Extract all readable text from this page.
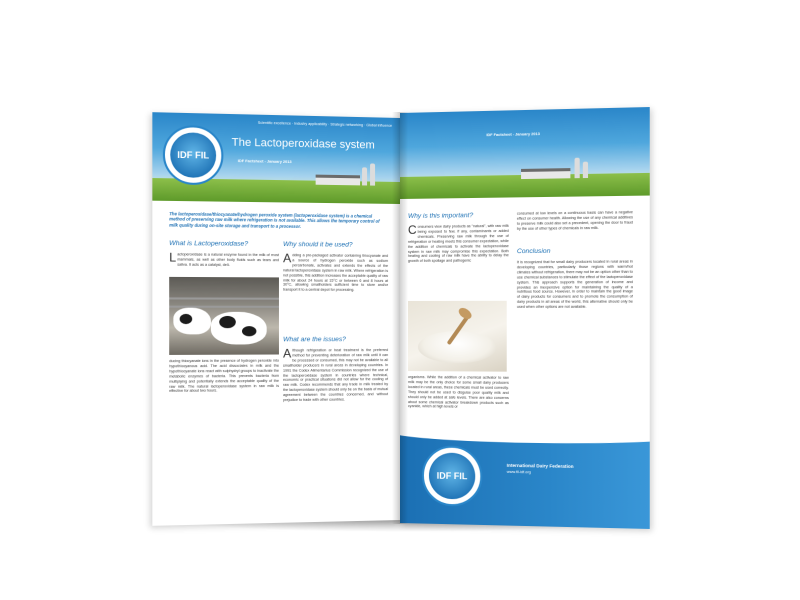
Scientific excellence · Industry applicability · Strategic networking · Global influence
The Lactoperoxidase system
IDF Factsheet - January 2013
IDF FIL
The lactoperoxidase/thiocyanate/hydrogen peroxide system (lactoperoxidase system) is a chemical method of preserving raw milk where refrigeration is not available. This allows the temporary control of milk quality during on-site storage and transport to a processor.
What is Lactoperoxidase?
Lactoperoxidase is a natural enzyme found in the milk of most mammals, as well as other body fluids such as tears and saliva. It acts as a catalyst, deli-
ducing thiocyanate ions in the presence of hydrogen peroxide into hypothiocyanous acid. The acid dissociates in milk and the hypothiocyanate ions react with sulphydryl groups to inactivate the metabolic enzymes of bacteria. This prevents bacteria from multiplying and potentially extends the acceptable quality of the raw milk. The natural lactoperoxidase system in raw milk is effective for about two hours.
Why should it be used?
Adding a pre-packaged activator containing thiocyanate and a source of hydrogen peroxide such as sodium percarbonate, activates and extends the effects of the natural lactoperoxidase system in raw milk. Where refrigeration is not possible, this addition increases the acceptable quality of raw milk for about 24 hours at 15°C or between 6 and 8 hours at 30°C, allowing smallholders sufficient time to store and/or transport it to a central depot for processing.
What are the issues?
Although refrigeration or heat treatment is the preferred method for preventing deterioration of raw milk until it can be processed or consumed, this may not be available to all smallholder producers in rural areas in developing countries. In 1991 the Codex Alimentarius Commission recognized the use of the lactoperoxidase system in countries where technical, economic or practical situations did not allow for the cooling of raw milk. Codex recommends that any trade in milk treated by the lactoperoxidase system should only be on the basis of mutual agreement between the countries concerned, and without prejudice to trade with other countries.
IDF Factsheet - January 2013
Why is this important?
Consumers view dairy products as "natural", with raw milk being exposed to few, if any, contaminants or added chemicals. Preserving raw milk through the use of refrigeration or heating meets this consumer expectation, while the addition of chemicals to activate the lactoperoxidase system in raw milk may compromise this expectation. Both heating and cooling of raw milk have the ability to delay the growth of both spoilage and pathogenic
organisms. While the addition of a chemical activator to raw milk may be the only choice for some small dairy producers located in rural areas, these chemicals must be used correctly. They should not be used to disguise poor quality milk and should only be added at safe levels. There are also concerns about some chemical activator breakdown products such as cyanide, which at high levels or
consumed at low levels on a continuous basis can have a negative effect on consumer health. Allowing the use of any chemical additives to preserve milk could also set a precedent, opening the door to fraud by the use of other types of chemicals in raw milk.
Conclusion
It is recognized that for small dairy producers located in rural areas in developing countries, particularly those regions with warm/hot climates without refrigeration, there may not be an option other than to use chemical substances to stimulate the effect of the lactoperoxidase system. This approach supports the generation of income and provides an inexpensive option for maintaining the quality of a nutritious food source. However, in order to maintain the good image of dairy products for consumers and to promote the consumption of dairy products in all areas of the world, this alternative should only be used when other options are not available.
IDF FIL
International Dairy Federation
www.fil-idf.org
